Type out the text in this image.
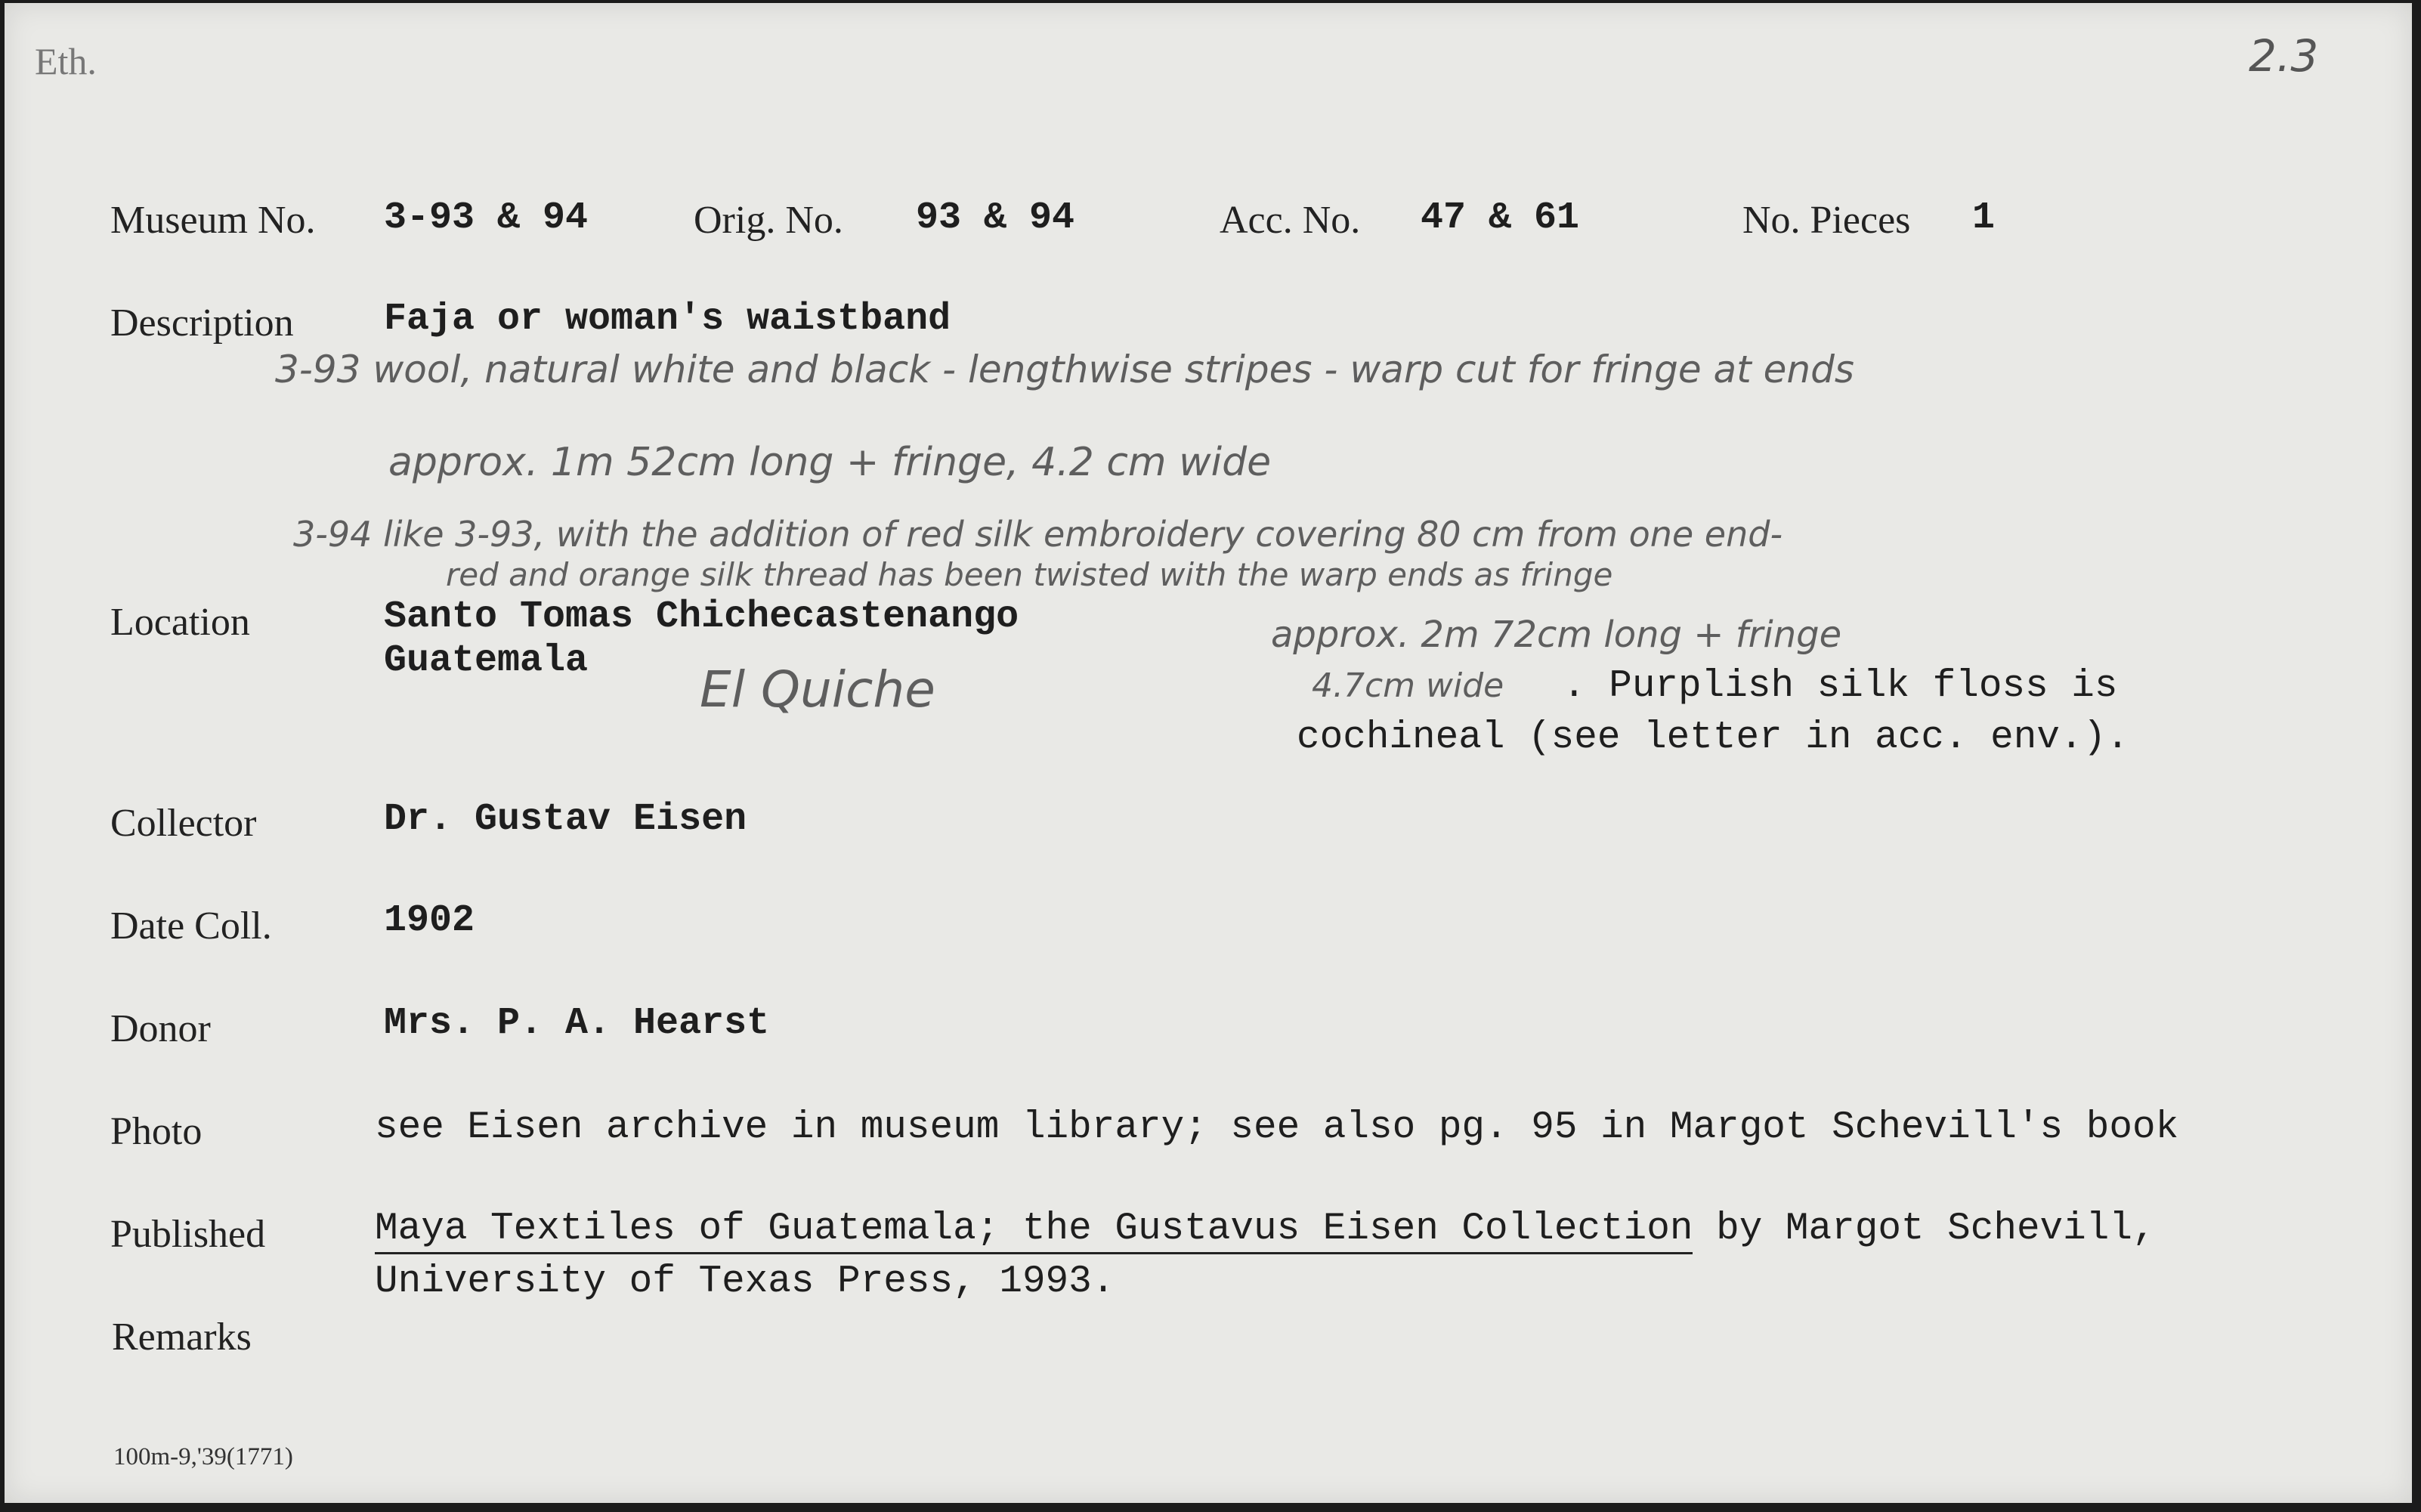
Eth.	2.3
Museum No. 3-93 & 94	Orig. No. 93 & 94	Acc. No. 47 & 61	No. Pieces 1
Description Faja or woman's waistband
3-93 wool, natural white and black - lengthwise stripes - warp cut for fringe at ends
approx. 1m 52cm long + fringe, 4.2 cm wide
3-94 like 3-93, with the addition of red silk embroidery covering 80 cm from one end-
red and orange silk thread has been twisted with the warp ends as fringe
approx. 2m 72cm long + fringe
4.7cm wide . Purplish silk floss is
cochineal (see letter in acc. env.).
Location	Santo Tomas Chichecastenango
Guatemala El Quiche
Collector	Dr. Gustav Eisen
Date Coll.	1902
Donor	Mrs. P. A. Hearst
Photo	see Eisen archive in museum library; see also pg. 95 in Margot Schevill's book
Published	Maya Textiles of Guatemala; the Gustavus Eisen Collection by Margot Schevill,
University of Texas Press, 1993.
Remarks
100m-9,'39(1771)
